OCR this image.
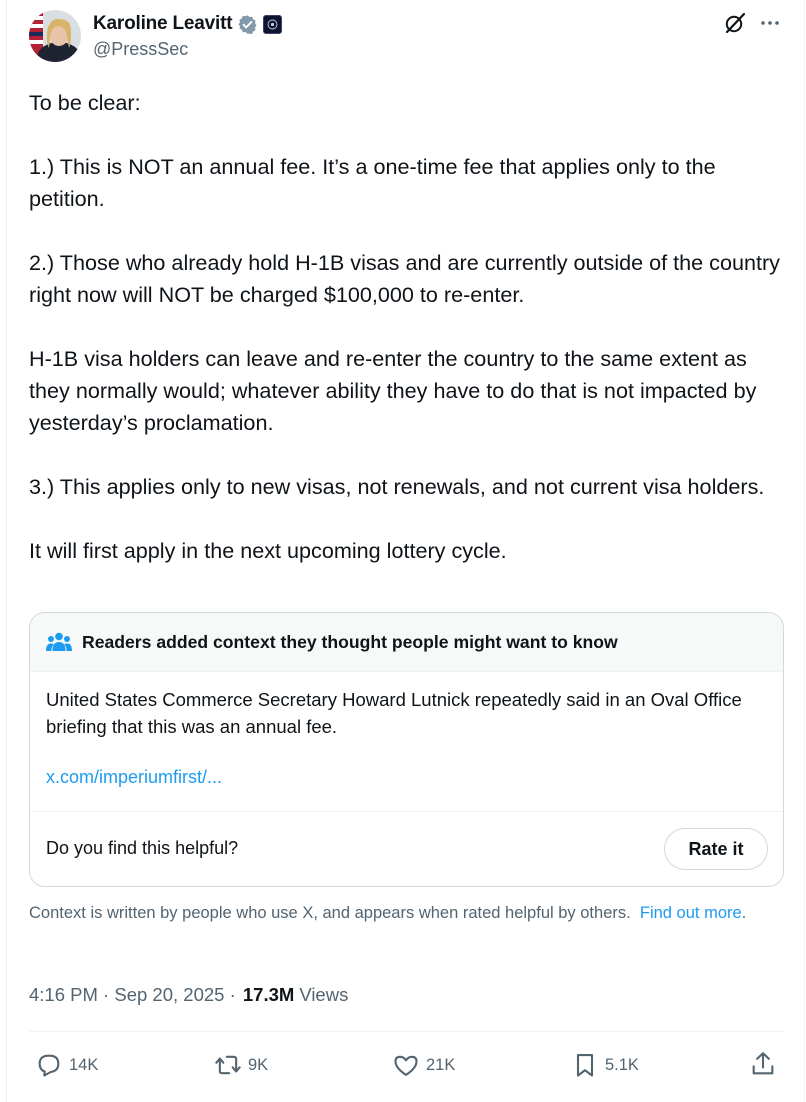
Karoline Leavitt
@PressSec

To be clear:

1.) This is NOT an annual fee. It’s a one-time fee that applies only to the petition.

2.) Those who already hold H-1B visas and are currently outside of the country right now will NOT be charged $100,000 to re-enter.

H-1B visa holders can leave and re-enter the country to the same extent as they normally would; whatever ability they have to do that is not impacted by yesterday’s proclamation.

3.) This applies only to new visas, not renewals, and not current visa holders.

It will first apply in the next upcoming lottery cycle.

Readers added context they thought people might want to know
United States Commerce Secretary Howard Lutnick repeatedly said in an Oval Office briefing that this was an annual fee.
x.com/imperiumfirst/...
Do you find this helpful?	Rate it
Context is written by people who use X, and appears when rated helpful by others. Find out more.
4:16 PM
·
Sep 20, 2025
·
17.3M Views
14K	9K	21K	5.1K
